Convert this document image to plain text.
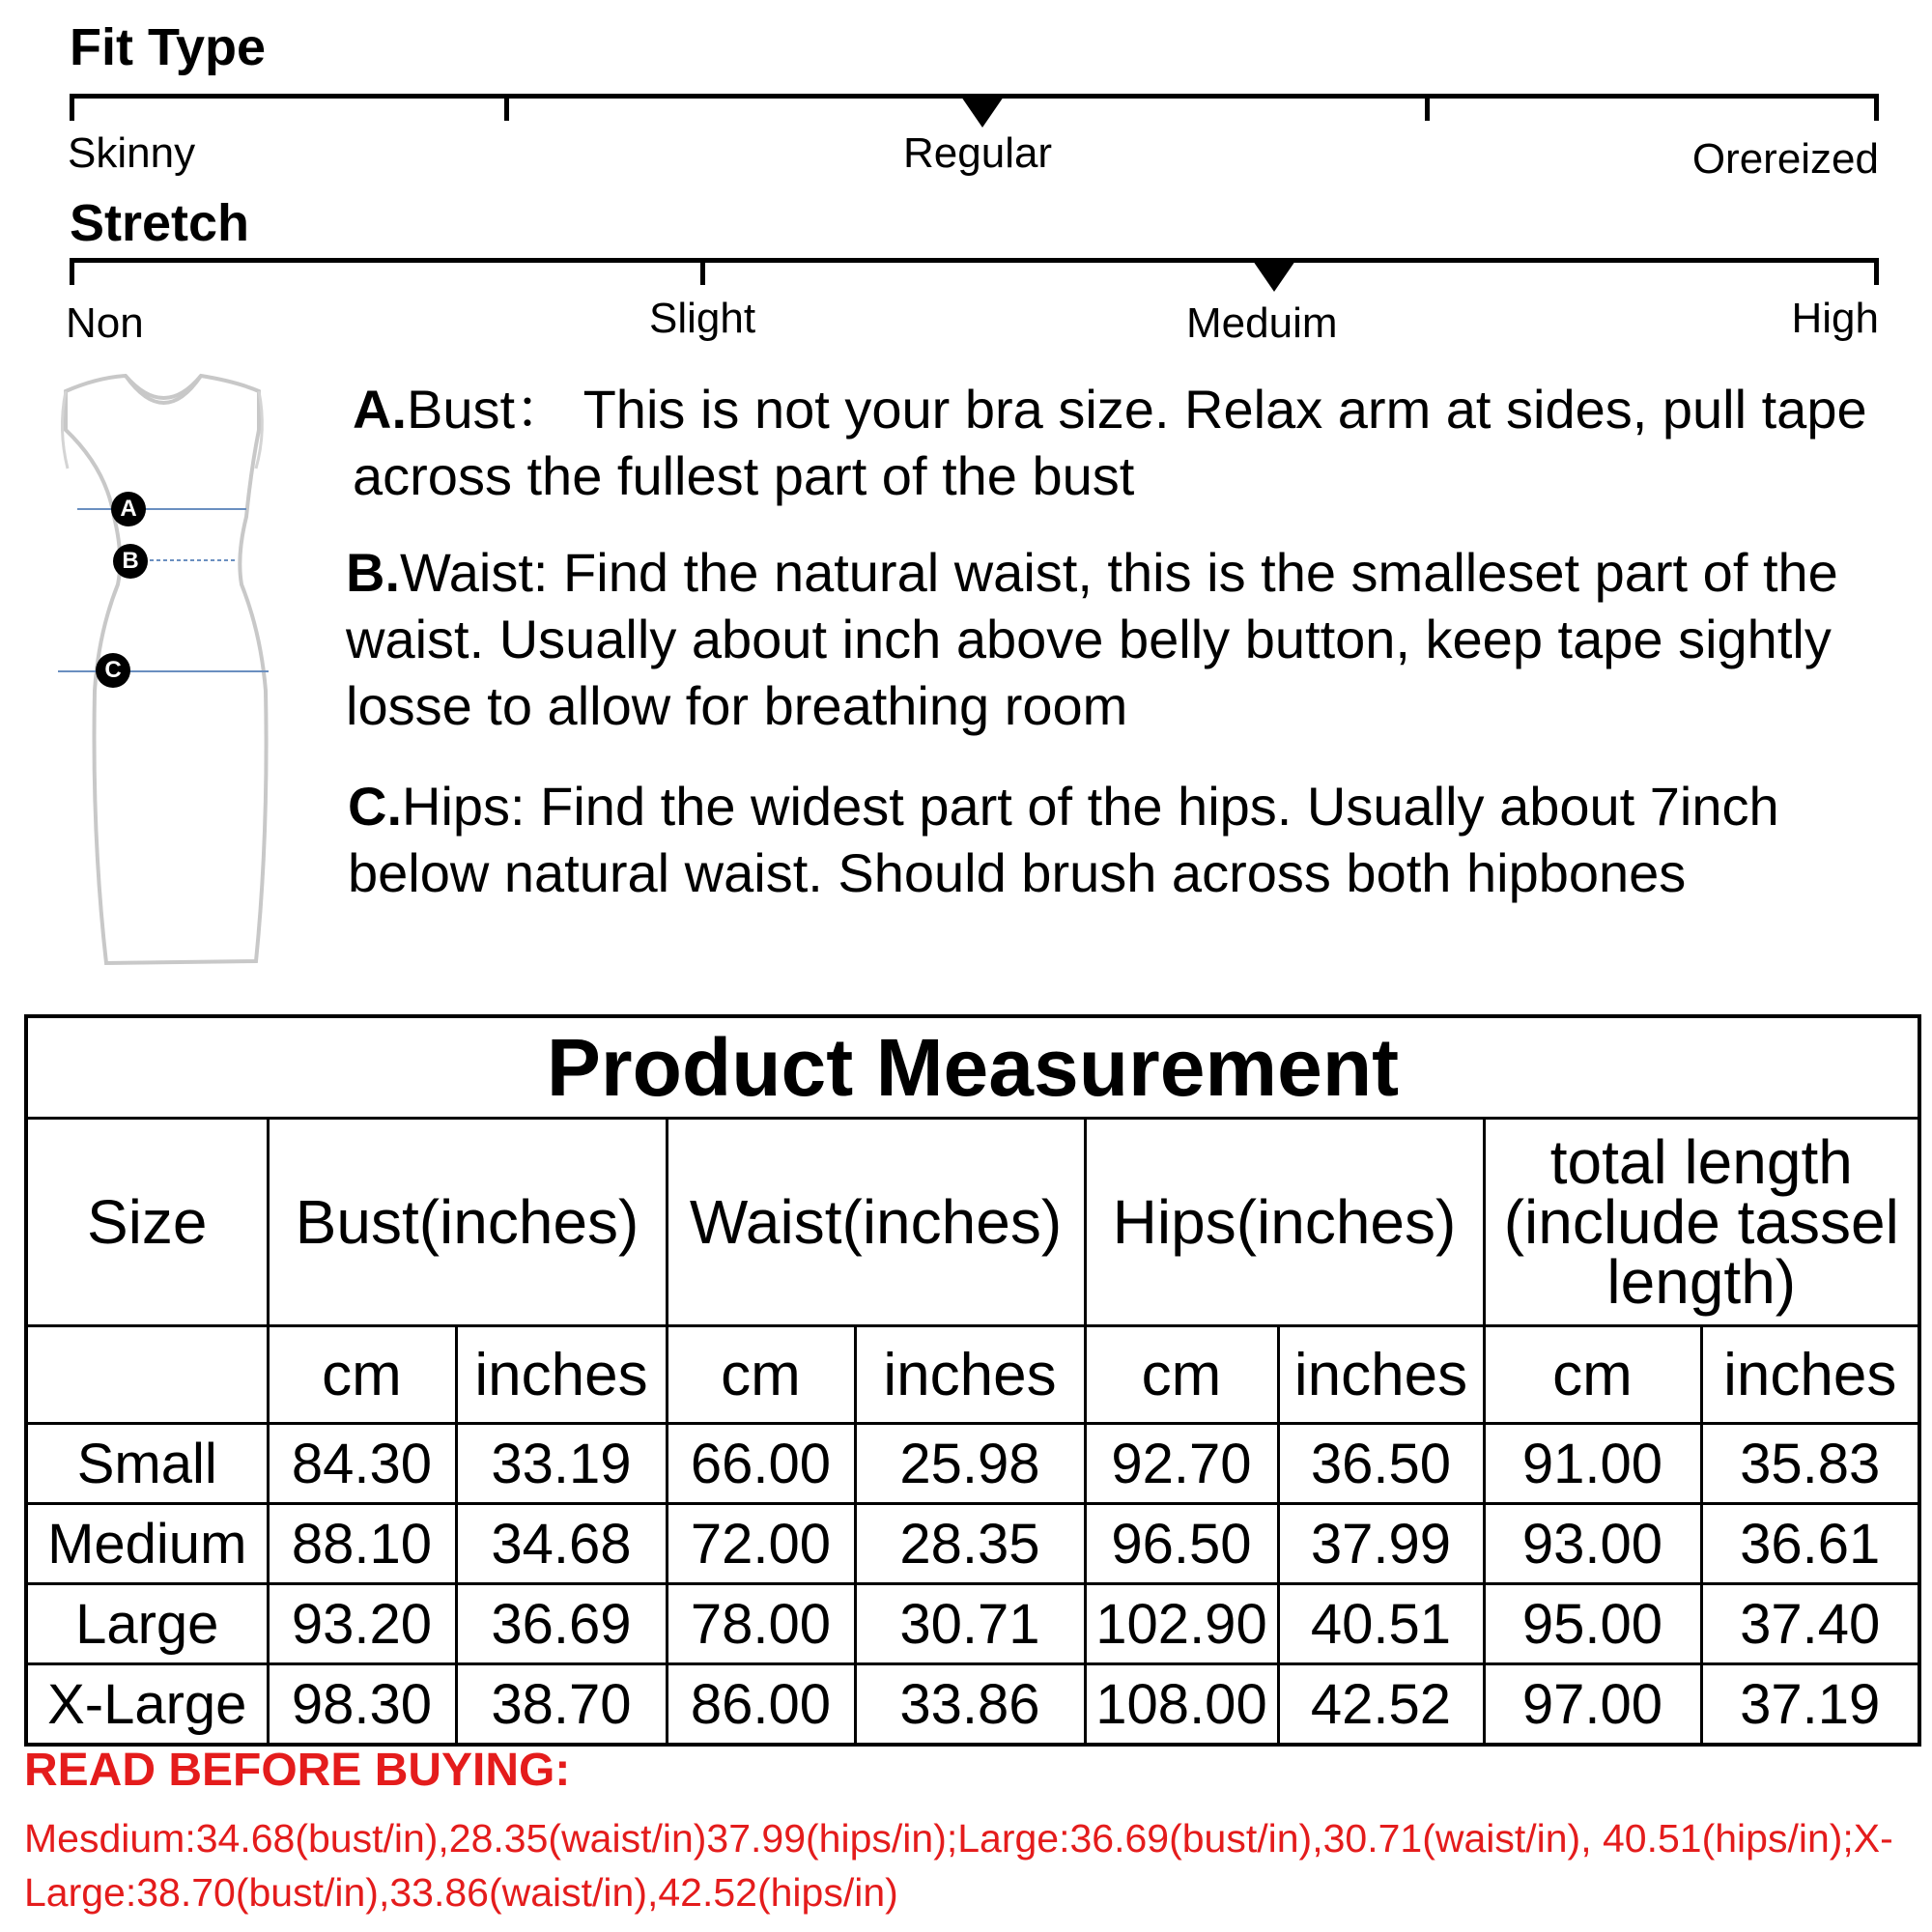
Fit Type
Skinny	Regular	Orereized
Stretch
Non	Slight	Meduim	High
A
B
C
A.Bust： This is not your bra size. Relax arm at sides, pull tape across the fullest part of the bust
B.Waist: Find the natural waist, this is the smalleset part of the waist. Usually about inch above belly button, keep tape sightly losse to allow for breathing room
C.Hips: Find the widest part of the hips. Usually about 7inch below natural waist. Should brush across both hipbones
Product Measurement								
Size	Bust(inches)		Waist(inches)		Hips(inches)		total length (include tassel length)	
	cm	inches	cm	inches	cm	inches	cm	inches
Small	84.30	33.19	66.00	25.98	92.70	36.50	91.00	35.83
Medium	88.10	34.68	72.00	28.35	96.50	37.99	93.00	36.61
Large	93.20	36.69	78.00	30.71	102.90	40.51	95.00	37.40
X-Large	98.30	38.70	86.00	33.86	108.00	42.52	97.00	37.19
READ BEFORE BUYING:
Mesdium:34.68(bust/in),28.35(waist/in)37.99(hips/in);Large:36.69(bust/in),30.71(waist/in), 40.51(hips/in);X-Large:38.70(bust/in),33.86(waist/in),42.52(hips/in)
